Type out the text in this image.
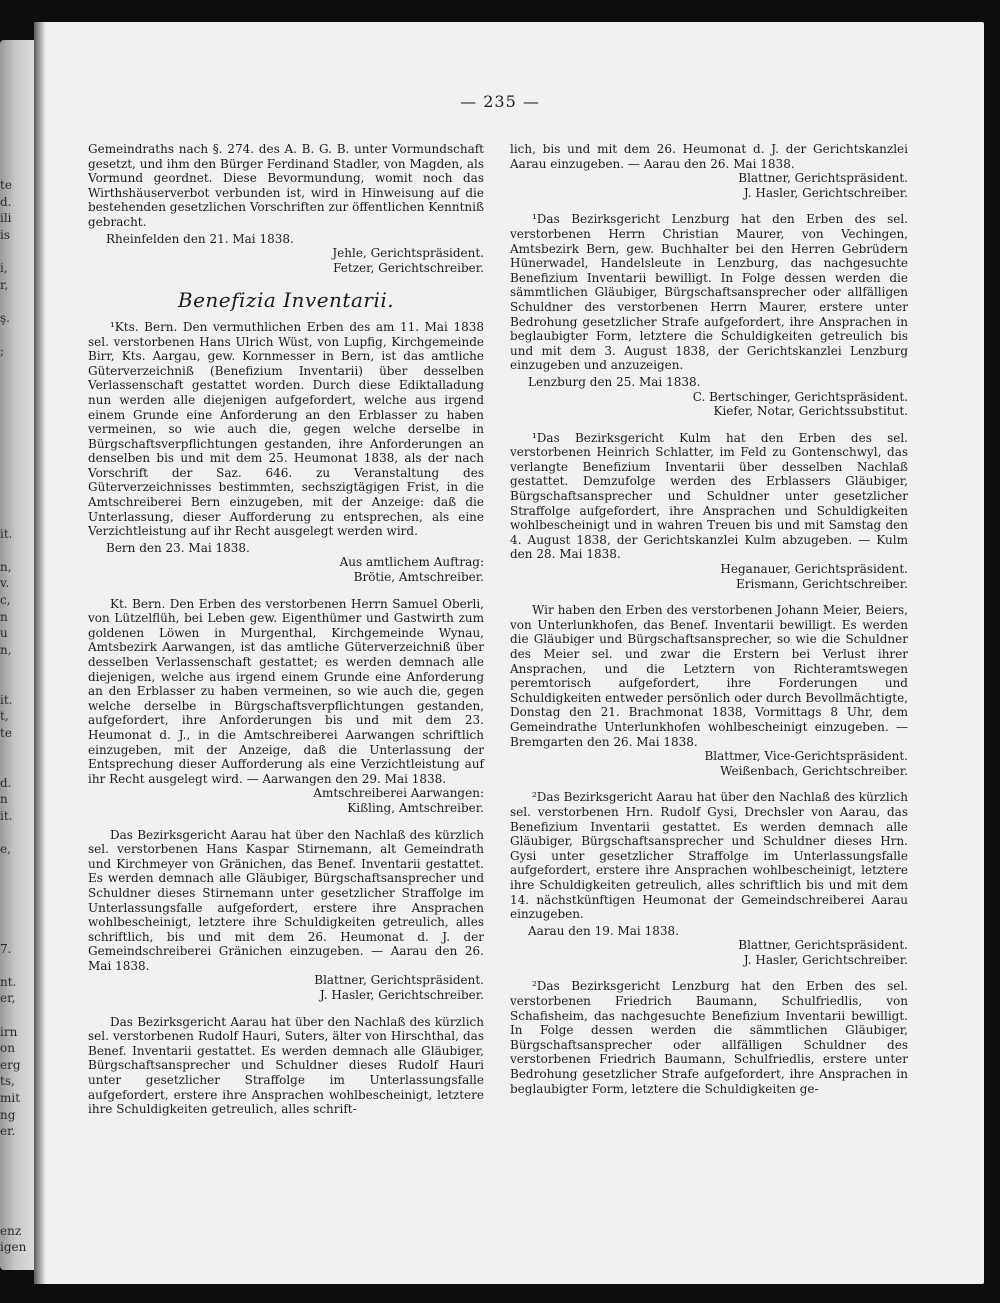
te
d.
ili
is
i,
r,
ş.
;
it.
n,
v.
c,
n
u
n,
it.
t,
te
d.
n
it.
e,
7.
nt.
er,
irn
on
erg
ts,
mit
ng
er.
enz
igen
— 235 —

Gemeindraths nach §. 274. des A. B. G. B. unter Vormundschaft gesetzt, und ihm den Bürger Ferdinand Stadler, von Magden, als Vormund geordnet. Diese Bevormundung, womit noch das Wirthshäuserverbot verbunden ist, wird in Hinweisung auf die bestehenden gesetzlichen Vorschriften zur öffentlichen Kenntniß gebracht.

Rheinfelden den 21. Mai 1838.

Jehle, Gerichtspräsident.

Fetzer, Gerichtschreiber.

Benefizia Inventarii.

¹Kts. Bern. Den vermuthlichen Erben des am 11. Mai 1838 sel. verstorbenen Hans Ulrich Wüst, von Lupfig, Kirchgemeinde Birr, Kts. Aargau, gew. Kornmesser in Bern, ist das amtliche Güterverzeichniß (Benefizium Inventarii) über desselben Verlassenschaft gestattet worden. Durch diese Ediktalladung nun werden alle diejenigen aufgefordert, welche aus irgend einem Grunde eine Anforderung an den Erblasser zu haben vermeinen, so wie auch die, gegen welche derselbe in Bürgschaftsverpflichtungen gestanden, ihre Anforderungen an denselben bis und mit dem 25. Heumonat 1838, als der nach Vorschrift der Saz. 646. zu Veranstaltung des Güterverzeichnisses bestimmten, sechszigtägigen Frist, in die Amtschreiberei Bern einzugeben, mit der Anzeige: daß die Unterlassung, dieser Aufforderung zu entsprechen, als eine Verzichtleistung auf ihr Recht ausgelegt werden wird.

Bern den 23. Mai 1838.

Aus amtlichem Auftrag:

Brötie, Amtschreiber.

Kt. Bern. Den Erben des verstorbenen Herrn Samuel Oberli, von Lützelflüh, bei Leben gew. Eigenthümer und Gastwirth zum goldenen Löwen in Murgenthal, Kirchgemeinde Wynau, Amtsbezirk Aarwangen, ist das amtliche Güterverzeichniß über desselben Verlassenschaft gestattet; es werden demnach alle diejenigen, welche aus irgend einem Grunde eine Anforderung an den Erblasser zu haben vermeinen, so wie auch die, gegen welche derselbe in Bürgschaftsverpflichtungen gestanden, aufgefordert, ihre Anforderungen bis und mit dem 23. Heumonat d. J., in die Amtschreiberei Aarwangen schriftlich einzugeben, mit der Anzeige, daß die Unterlassung der Entsprechung dieser Aufforderung als eine Verzichtleistung auf ihr Recht ausgelegt wird. — Aarwangen den 29. Mai 1838.

Amtschreiberei Aarwangen:

Kißling, Amtschreiber.

Das Bezirksgericht Aarau hat über den Nachlaß des kürzlich sel. verstorbenen Hans Kaspar Stirnemann, alt Gemeindrath und Kirchmeyer von Gränichen, das Benef. Inventarii gestattet. Es werden demnach alle Gläubiger, Bürgschaftsansprecher und Schuldner dieses Stirnemann unter gesetzlicher Straffolge im Unterlassungsfalle aufgefordert, erstere ihre Ansprachen wohlbescheinigt, letztere ihre Schuldigkeiten getreulich, alles schriftlich, bis und mit dem 26. Heumonat d. J. der Gemeindschreiberei Gränichen einzugeben. — Aarau den 26. Mai 1838.

Blattner, Gerichtspräsident.

J. Hasler, Gerichtschreiber.

Das Bezirksgericht Aarau hat über den Nachlaß des kürzlich sel. verstorbenen Rudolf Hauri, Suters, älter von Hirschthal, das Benef. Inventarii gestattet. Es werden demnach alle Gläubiger, Bürgschaftsansprecher und Schuldner dieses Rudolf Hauri unter gesetzlicher Straffolge im Unterlassungsfalle aufgefordert, erstere ihre Ansprachen wohlbescheinigt, letztere ihre Schuldigkeiten getreulich, alles schrift-

lich, bis und mit dem 26. Heumonat d. J. der Gerichtskanzlei Aarau einzugeben. — Aarau den 26. Mai 1838.

Blattner, Gerichtspräsident.

J. Hasler, Gerichtschreiber.

¹Das Bezirksgericht Lenzburg hat den Erben des sel. verstorbenen Herrn Christian Maurer, von Vechingen, Amtsbezirk Bern, gew. Buchhalter bei den Herren Gebrüdern Hünerwadel, Handelsleute in Lenzburg, das nachgesuchte Benefizium Inventarii bewilligt. In Folge dessen werden die sämmtlichen Gläubiger, Bürgschaftsansprecher oder allfälligen Schuldner des verstorbenen Herrn Maurer, erstere unter Bedrohung gesetzlicher Strafe aufgefordert, ihre Ansprachen in beglaubigter Form, letztere die Schuldigkeiten getreulich bis und mit dem 3. August 1838, der Gerichtskanzlei Lenzburg einzugeben und anzuzeigen.

Lenzburg den 25. Mai 1838.

C. Bertschinger, Gerichtspräsident.

Kiefer, Notar, Gerichtssubstitut.

¹Das Bezirksgericht Kulm hat den Erben des sel. verstorbenen Heinrich Schlatter, im Feld zu Gontenschwyl, das verlangte Benefizium Inventarii über desselben Nachlaß gestattet. Demzufolge werden des Erblassers Gläubiger, Bürgschaftsansprecher und Schuldner unter gesetzlicher Straffolge aufgefordert, ihre Ansprachen und Schuldigkeiten wohlbescheinigt und in wahren Treuen bis und mit Samstag den 4. August 1838, der Gerichtskanzlei Kulm abzugeben. — Kulm den 28. Mai 1838.

Heganauer, Gerichtspräsident.

Erismann, Gerichtschreiber.

Wir haben den Erben des verstorbenen Johann Meier, Beiers, von Unterlunkhofen, das Benef. Inventarii bewilligt. Es werden die Gläubiger und Bürgschaftsansprecher, so wie die Schuldner des Meier sel. und zwar die Erstern bei Verlust ihrer Ansprachen, und die Letztern von Richteramtswegen peremtorisch aufgefordert, ihre Forderungen und Schuldigkeiten entweder persönlich oder durch Bevollmächtigte, Donstag den 21. Brachmonat 1838, Vormittags 8 Uhr, dem Gemeindrathe Unterlunkhofen wohlbescheinigt einzugeben. — Bremgarten den 26. Mai 1838.

Blattmer, Vice-Gerichtspräsident.

Weißenbach, Gerichtschreiber.

²Das Bezirksgericht Aarau hat über den Nachlaß des kürzlich sel. verstorbenen Hrn. Rudolf Gysi, Drechsler von Aarau, das Benefizium Inventarii gestattet. Es werden demnach alle Gläubiger, Bürgschaftsansprecher und Schuldner dieses Hrn. Gysi unter gesetzlicher Straffolge im Unterlassungsfalle aufgefordert, erstere ihre Ansprachen wohlbescheinigt, letztere ihre Schuldigkeiten getreulich, alles schriftlich bis und mit dem 14. nächstkünftigen Heumonat der Gemeindschreiberei Aarau einzugeben.

Aarau den 19. Mai 1838.

Blattner, Gerichtspräsident.

J. Hasler, Gerichtschreiber.

²Das Bezirksgericht Lenzburg hat den Erben des sel. verstorbenen Friedrich Baumann, Schulfriedlis, von Schafisheim, das nachgesuchte Benefizium Inventarii bewilligt. In Folge dessen werden die sämmtlichen Gläubiger, Bürgschaftsansprecher oder allfälligen Schuldner des verstorbenen Friedrich Baumann, Schulfriedlis, erstere unter Bedrohung gesetzlicher Strafe aufgefordert, ihre Ansprachen in beglaubigter Form, letztere die Schuldigkeiten ge-
